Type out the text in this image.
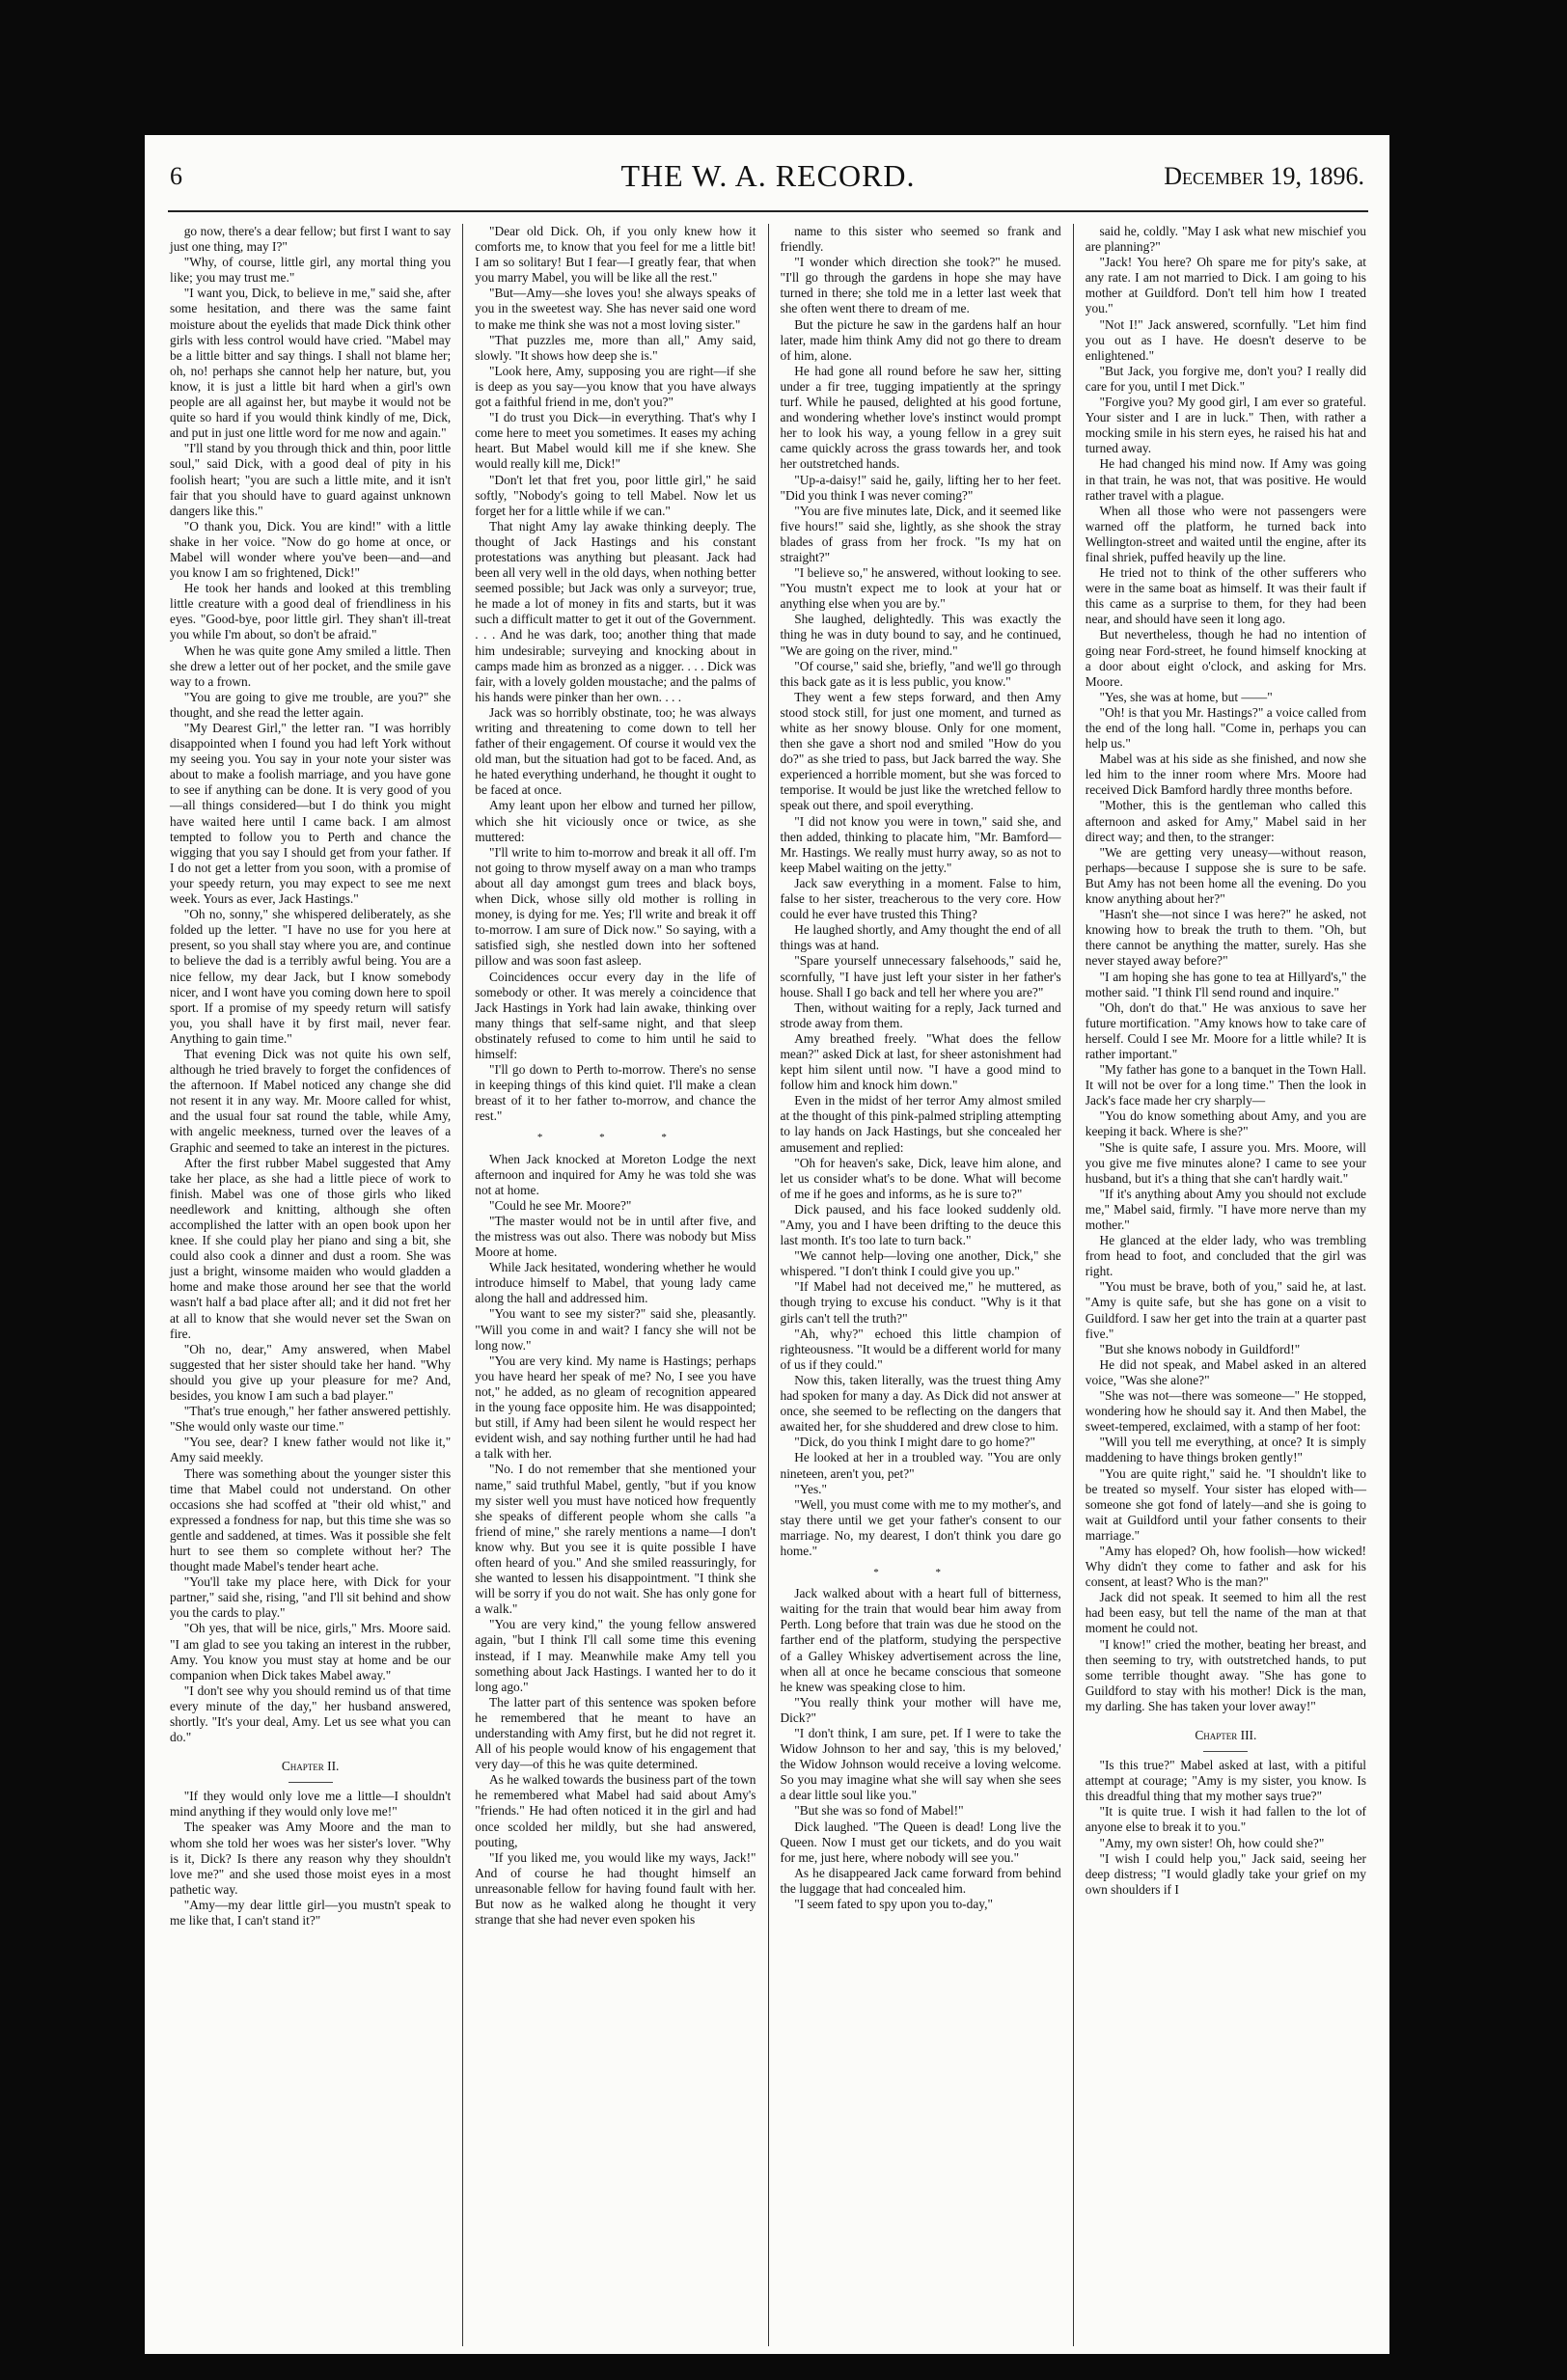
6	THE W. A. RECORD.	December 19, 1896.

go now, there's a dear fellow; but first I want to say just one thing, may I?"

"Why, of course, little girl, any mortal thing you like; you may trust me."

"I want you, Dick, to believe in me," said she, after some hesitation, and there was the same faint moisture about the eyelids that made Dick think other girls with less control would have cried. "Mabel may be a little bitter and say things. I shall not blame her; oh, no! perhaps she cannot help her nature, but, you know, it is just a little bit hard when a girl's own people are all against her, but maybe it would not be quite so hard if you would think kindly of me, Dick, and put in just one little word for me now and again."

"I'll stand by you through thick and thin, poor little soul," said Dick, with a good deal of pity in his foolish heart; "you are such a little mite, and it isn't fair that you should have to guard against unknown dangers like this."

"O thank you, Dick. You are kind!" with a little shake in her voice. "Now do go home at once, or Mabel will wonder where you've been—and—and you know I am so frightened, Dick!"

He took her hands and looked at this trembling little creature with a good deal of friendliness in his eyes. "Good-bye, poor little girl. They shan't ill-treat you while I'm about, so don't be afraid."

When he was quite gone Amy smiled a little. Then she drew a letter out of her pocket, and the smile gave way to a frown.

"You are going to give me trouble, are you?" she thought, and she read the letter again.

"My Dearest Girl," the letter ran. "I was horribly disappointed when I found you had left York without my seeing you. You say in your note your sister was about to make a foolish marriage, and you have gone to see if anything can be done. It is very good of you—all things considered—but I do think you might have waited here until I came back. I am almost tempted to follow you to Perth and chance the wigging that you say I should get from your father. If I do not get a letter from you soon, with a promise of your speedy return, you may expect to see me next week. Yours as ever, Jack Hastings."

"Oh no, sonny," she whispered deliberately, as she folded up the letter. "I have no use for you here at present, so you shall stay where you are, and continue to believe the dad is a terribly awful being. You are a nice fellow, my dear Jack, but I know somebody nicer, and I wont have you coming down here to spoil sport. If a promise of my speedy return will satisfy you, you shall have it by first mail, never fear. Anything to gain time."

That evening Dick was not quite his own self, although he tried bravely to forget the confidences of the afternoon. If Mabel noticed any change she did not resent it in any way. Mr. Moore called for whist, and the usual four sat round the table, while Amy, with angelic meekness, turned over the leaves of a Graphic and seemed to take an interest in the pictures.

After the first rubber Mabel suggested that Amy take her place, as she had a little piece of work to finish. Mabel was one of those girls who liked needlework and knitting, although she often accomplished the latter with an open book upon her knee. If she could play her piano and sing a bit, she could also cook a dinner and dust a room. She was just a bright, winsome maiden who would gladden a home and make those around her see that the world wasn't half a bad place after all; and it did not fret her at all to know that she would never set the Swan on fire.

"Oh no, dear," Amy answered, when Mabel suggested that her sister should take her hand. "Why should you give up your pleasure for me? And, besides, you know I am such a bad player."

"That's true enough," her father answered pettishly. "She would only waste our time."

"You see, dear? I knew father would not like it," Amy said meekly.

There was something about the younger sister this time that Mabel could not understand. On other occasions she had scoffed at "their old whist," and expressed a fondness for nap, but this time she was so gentle and saddened, at times. Was it possible she felt hurt to see them so complete without her? The thought made Mabel's tender heart ache.

"You'll take my place here, with Dick for your partner," said she, rising, "and I'll sit behind and show you the cards to play."

"Oh yes, that will be nice, girls," Mrs. Moore said. "I am glad to see you taking an interest in the rubber, Amy. You know you must stay at home and be our companion when Dick takes Mabel away."

"I don't see why you should remind us of that time every minute of the day," her husband answered, shortly. "It's your deal, Amy. Let us see what you can do."

Chapter II.

"If they would only love me a little—I shouldn't mind anything if they would only love me!"

The speaker was Amy Moore and the man to whom she told her woes was her sister's lover. "Why is it, Dick? Is there any reason why they shouldn't love me?" and she used those moist eyes in a most pathetic way.

"Amy—my dear little girl—you mustn't speak to me like that, I can't stand it?"

"Dear old Dick. Oh, if you only knew how it comforts me, to know that you feel for me a little bit! I am so solitary! But I fear—I greatly fear, that when you marry Mabel, you will be like all the rest."

"But—Amy—she loves you! she always speaks of you in the sweetest way. She has never said one word to make me think she was not a most loving sister."

"That puzzles me, more than all," Amy said, slowly. "It shows how deep she is."

"Look here, Amy, supposing you are right—if she is deep as you say—you know that you have always got a faithful friend in me, don't you?"

"I do trust you Dick—in everything. That's why I come here to meet you sometimes. It eases my aching heart. But Mabel would kill me if she knew. She would really kill me, Dick!"

"Don't let that fret you, poor little girl," he said softly, "Nobody's going to tell Mabel. Now let us forget her for a little while if we can."

That night Amy lay awake thinking deeply. The thought of Jack Hastings and his constant protestations was anything but pleasant. Jack had been all very well in the old days, when nothing better seemed possible; but Jack was only a surveyor; true, he made a lot of money in fits and starts, but it was such a difficult matter to get it out of the Government. . . . And he was dark, too; another thing that made him undesirable; surveying and knocking about in camps made him as bronzed as a nigger. . . . Dick was fair, with a lovely golden moustache; and the palms of his hands were pinker than her own. . . .

Jack was so horribly obstinate, too; he was always writing and threatening to come down to tell her father of their engagement. Of course it would vex the old man, but the situation had got to be faced. And, as he hated everything underhand, he thought it ought to be faced at once.

Amy leant upon her elbow and turned her pillow, which she hit viciously once or twice, as she muttered:

"I'll write to him to-morrow and break it all off. I'm not going to throw myself away on a man who tramps about all day amongst gum trees and black boys, when Dick, whose silly old mother is rolling in money, is dying for me. Yes; I'll write and break it off to-morrow. I am sure of Dick now." So saying, with a satisfied sigh, she nestled down into her softened pillow and was soon fast asleep.

Coincidences occur every day in the life of somebody or other. It was merely a coincidence that Jack Hastings in York had lain awake, thinking over many things that self-same night, and that sleep obstinately refused to come to him until he said to himself:

"I'll go down to Perth to-morrow. There's no sense in keeping things of this kind quiet. I'll make a clean breast of it to her father to-morrow, and chance the rest."

* * *

When Jack knocked at Moreton Lodge the next afternoon and inquired for Amy he was told she was not at home.

"Could he see Mr. Moore?"

"The master would not be in until after five, and the mistress was out also. There was nobody but Miss Moore at home.

While Jack hesitated, wondering whether he would introduce himself to Mabel, that young lady came along the hall and addressed him.

"You want to see my sister?" said she, pleasantly. "Will you come in and wait? I fancy she will not be long now."

"You are very kind. My name is Hastings; perhaps you have heard her speak of me? No, I see you have not," he added, as no gleam of recognition appeared in the young face opposite him. He was disappointed; but still, if Amy had been silent he would respect her evident wish, and say nothing further until he had had a talk with her.

"No. I do not remember that she mentioned your name," said truthful Mabel, gently, "but if you know my sister well you must have noticed how frequently she speaks of different people whom she calls "a friend of mine," she rarely mentions a name—I don't know why. But you see it is quite possible I have often heard of you." And she smiled reassuringly, for she wanted to lessen his disappointment. "I think she will be sorry if you do not wait. She has only gone for a walk."

"You are very kind," the young fellow answered again, "but I think I'll call some time this evening instead, if I may. Meanwhile make Amy tell you something about Jack Hastings. I wanted her to do it long ago."

The latter part of this sentence was spoken before he remembered that he meant to have an understanding with Amy first, but he did not regret it. All of his people would know of his engagement that very day—of this he was quite determined.

As he walked towards the business part of the town he remembered what Mabel had said about Amy's "friends." He had often noticed it in the girl and had once scolded her mildly, but she had answered, pouting,

"If you liked me, you would like my ways, Jack!" And of course he had thought himself an unreasonable fellow for having found fault with her. But now as he walked along he thought it very strange that she had never even spoken his

name to this sister who seemed so frank and friendly.

"I wonder which direction she took?" he mused. "I'll go through the gardens in hope she may have turned in there; she told me in a letter last week that she often went there to dream of me.

But the picture he saw in the gardens half an hour later, made him think Amy did not go there to dream of him, alone.

He had gone all round before he saw her, sitting under a fir tree, tugging impatiently at the springy turf. While he paused, delighted at his good fortune, and wondering whether love's instinct would prompt her to look his way, a young fellow in a grey suit came quickly across the grass towards her, and took her outstretched hands.

"Up-a-daisy!" said he, gaily, lifting her to her feet. "Did you think I was never coming?"

"You are five minutes late, Dick, and it seemed like five hours!" said she, lightly, as she shook the stray blades of grass from her frock. "Is my hat on straight?"

"I believe so," he answered, without looking to see. "You mustn't expect me to look at your hat or anything else when you are by."

She laughed, delightedly. This was exactly the thing he was in duty bound to say, and he continued, "We are going on the river, mind."

"Of course," said she, briefly, "and we'll go through this back gate as it is less public, you know."

They went a few steps forward, and then Amy stood stock still, for just one moment, and turned as white as her snowy blouse. Only for one moment, then she gave a short nod and smiled "How do you do?" as she tried to pass, but Jack barred the way. She experienced a horrible moment, but she was forced to temporise. It would be just like the wretched fellow to speak out there, and spoil everything.

"I did not know you were in town," said she, and then added, thinking to placate him, "Mr. Bamford—Mr. Hastings. We really must hurry away, so as not to keep Mabel waiting on the jetty."

Jack saw everything in a moment. False to him, false to her sister, treacherous to the very core. How could he ever have trusted this Thing?

He laughed shortly, and Amy thought the end of all things was at hand.

"Spare yourself unnecessary falsehoods," said he, scornfully, "I have just left your sister in her father's house. Shall I go back and tell her where you are?"

Then, without waiting for a reply, Jack turned and strode away from them.

Amy breathed freely. "What does the fellow mean?" asked Dick at last, for sheer astonishment had kept him silent until now. "I have a good mind to follow him and knock him down."

Even in the midst of her terror Amy almost smiled at the thought of this pink-palmed stripling attempting to lay hands on Jack Hastings, but she concealed her amusement and replied:

"Oh for heaven's sake, Dick, leave him alone, and let us consider what's to be done. What will become of me if he goes and informs, as he is sure to?"

Dick paused, and his face looked suddenly old. "Amy, you and I have been drifting to the deuce this last month. It's too late to turn back."

"We cannot help—loving one another, Dick," she whispered. "I don't think I could give you up."

"If Mabel had not deceived me," he muttered, as though trying to excuse his conduct. "Why is it that girls can't tell the truth?"

"Ah, why?" echoed this little champion of righteousness. "It would be a different world for many of us if they could."

Now this, taken literally, was the truest thing Amy had spoken for many a day. As Dick did not answer at once, she seemed to be reflecting on the dangers that awaited her, for she shuddered and drew close to him.

"Dick, do you think I might dare to go home?"

He looked at her in a troubled way. "You are only nineteen, aren't you, pet?"

"Yes."

"Well, you must come with me to my mother's, and stay there until we get your father's consent to our marriage. No, my dearest, I don't think you dare go home."

* *

Jack walked about with a heart full of bitterness, waiting for the train that would bear him away from Perth. Long before that train was due he stood on the farther end of the platform, studying the perspective of a Galley Whiskey advertisement across the line, when all at once he became conscious that someone he knew was speaking close to him.

"You really think your mother will have me, Dick?"

"I don't think, I am sure, pet. If I were to take the Widow Johnson to her and say, 'this is my beloved,' the Widow Johnson would receive a loving welcome. So you may imagine what she will say when she sees a dear little soul like you."

"But she was so fond of Mabel!"

Dick laughed. "The Queen is dead! Long live the Queen. Now I must get our tickets, and do you wait for me, just here, where nobody will see you."

As he disappeared Jack came forward from behind the luggage that had concealed him.

"I seem fated to spy upon you to-day,"

said he, coldly. "May I ask what new mischief you are planning?"

"Jack! You here? Oh spare me for pity's sake, at any rate. I am not married to Dick. I am going to his mother at Guildford. Don't tell him how I treated you."

"Not I!" Jack answered, scornfully. "Let him find you out as I have. He doesn't deserve to be enlightened."

"But Jack, you forgive me, don't you? I really did care for you, until I met Dick."

"Forgive you? My good girl, I am ever so grateful. Your sister and I are in luck." Then, with rather a mocking smile in his stern eyes, he raised his hat and turned away.

He had changed his mind now. If Amy was going in that train, he was not, that was positive. He would rather travel with a plague.

When all those who were not passengers were warned off the platform, he turned back into Wellington-street and waited until the engine, after its final shriek, puffed heavily up the line.

He tried not to think of the other sufferers who were in the same boat as himself. It was their fault if this came as a surprise to them, for they had been near, and should have seen it long ago.

But nevertheless, though he had no intention of going near Ford-street, he found himself knocking at a door about eight o'clock, and asking for Mrs. Moore.

"Yes, she was at home, but ——"

"Oh! is that you Mr. Hastings?" a voice called from the end of the long hall. "Come in, perhaps you can help us."

Mabel was at his side as she finished, and now she led him to the inner room where Mrs. Moore had received Dick Bamford hardly three months before.

"Mother, this is the gentleman who called this afternoon and asked for Amy," Mabel said in her direct way; and then, to the stranger:

"We are getting very uneasy—without reason, perhaps—because I suppose she is sure to be safe. But Amy has not been home all the evening. Do you know anything about her?"

"Hasn't she—not since I was here?" he asked, not knowing how to break the truth to them. "Oh, but there cannot be anything the matter, surely. Has she never stayed away before?"

"I am hoping she has gone to tea at Hillyard's," the mother said. "I think I'll send round and inquire."

"Oh, don't do that." He was anxious to save her future mortification. "Amy knows how to take care of herself. Could I see Mr. Moore for a little while? It is rather important."

"My father has gone to a banquet in the Town Hall. It will not be over for a long time." Then the look in Jack's face made her cry sharply—

"You do know something about Amy, and you are keeping it back. Where is she?"

"She is quite safe, I assure you. Mrs. Moore, will you give me five minutes alone? I came to see your husband, but it's a thing that she can't hardly wait."

"If it's anything about Amy you should not exclude me," Mabel said, firmly. "I have more nerve than my mother."

He glanced at the elder lady, who was trembling from head to foot, and concluded that the girl was right.

"You must be brave, both of you," said he, at last. "Amy is quite safe, but she has gone on a visit to Guildford. I saw her get into the train at a quarter past five."

"But she knows nobody in Guildford!"

He did not speak, and Mabel asked in an altered voice, "Was she alone?"

"She was not—there was someone—" He stopped, wondering how he should say it. And then Mabel, the sweet-tempered, exclaimed, with a stamp of her foot:

"Will you tell me everything, at once? It is simply maddening to have things broken gently!"

"You are quite right," said he. "I shouldn't like to be treated so myself. Your sister has eloped with—someone she got fond of lately—and she is going to wait at Guildford until your father consents to their marriage."

"Amy has eloped? Oh, how foolish—how wicked! Why didn't they come to father and ask for his consent, at least? Who is the man?"

Jack did not speak. It seemed to him all the rest had been easy, but tell the name of the man at that moment he could not.

"I know!" cried the mother, beating her breast, and then seeming to try, with outstretched hands, to put some terrible thought away. "She has gone to Guildford to stay with his mother! Dick is the man, my darling. She has taken your lover away!"

Chapter III.

"Is this true?" Mabel asked at last, with a pitiful attempt at courage; "Amy is my sister, you know. Is this dreadful thing that my mother says true?"

"It is quite true. I wish it had fallen to the lot of anyone else to break it to you."

"Amy, my own sister! Oh, how could she?"

"I wish I could help you," Jack said, seeing her deep distress; "I would gladly take your grief on my own shoulders if I
